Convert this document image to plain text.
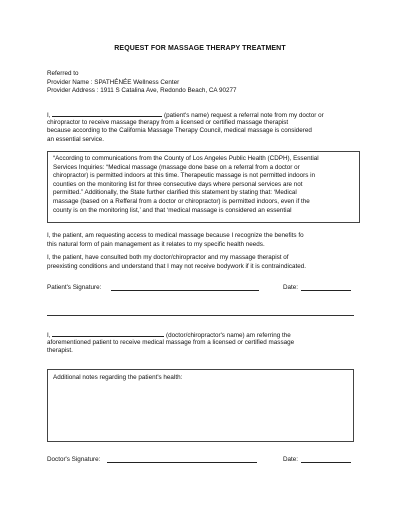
REQUEST FOR MASSAGE THERAPY TREATMENT
Referred to
Provider Name : SPATHÉNÉE Wellness Center
Provider Address : 1911 S Catalina Ave, Redondo Beach, CA 90277
I,	(patient's name) request a referral note from my doctor or
chiropractor to receive massage therapy from a licensed or certified massage therapist
because according to the California Massage Therapy Council, medical massage is considered
an essential service.
“According to communications from the County of Los Angeles Public Health (CDPH), Essential
Services Inquiries: “Medical massage (massage done base on a referral from a doctor or
chiropractor) is permitted indoors at this time. Therapeutic massage is not permitted indoors in
counties on the monitoring list for three consecutive days where personal services are not
permitted.” Additionally, the State further clarified this statement by stating that: ‘Medical
massage (based on a Refferal from a doctor or chiropractor) is permitted indoors, even if the
county is on the monitoring list,’ and that ‘medical massage is considered an essential
I, the patient, am requesting access to medical massage because I recognize the benefits fo
this natural form of pain management as it relates to my specific health needs.
I, the patient, have consulted both my doctor/chiropractor and my massage therapist of
preexisting conditions and understand that I may not receive bodywork if it is contraindicated.
Patient's Signature:	Date:
I,	(doctor/chiropractor's name) am referring the
aforementioned patient to receive medical massage from a licensed or certified massage
therapist.
Additional notes regarding the patient's health:
Doctor's Signature:	Date:
